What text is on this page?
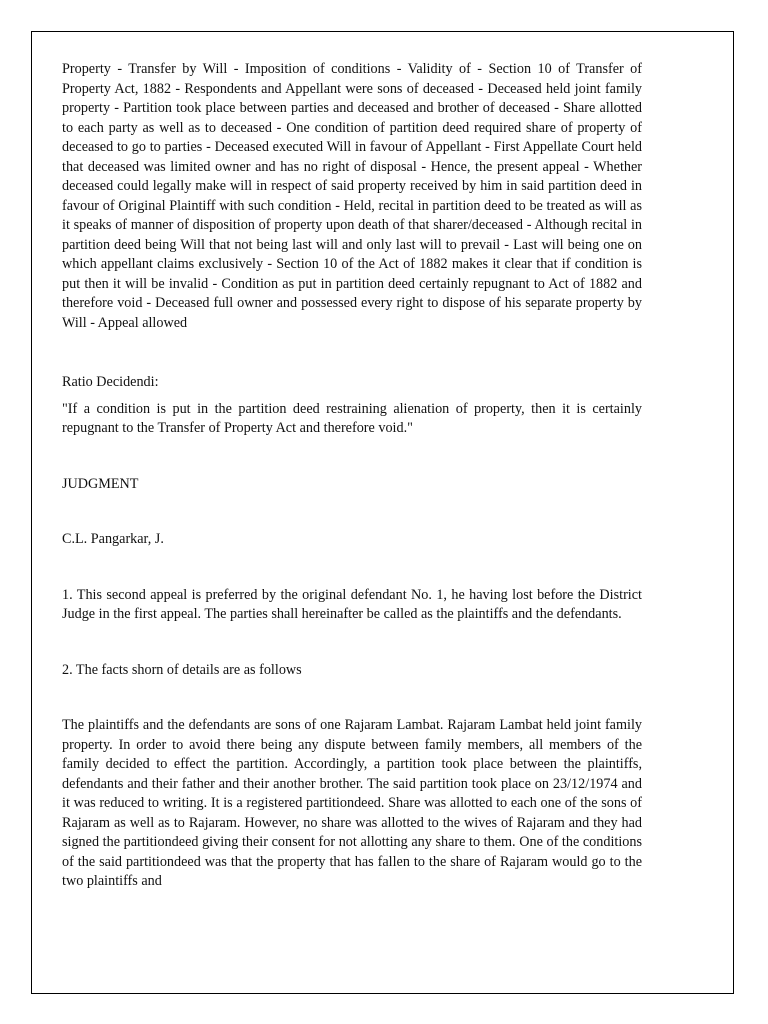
Property - Transfer by Will - Imposition of conditions - Validity of - Section 10 of Transfer of Property Act, 1882 - Respondents and Appellant were sons of deceased - Deceased held joint family property - Partition took place between parties and deceased and brother of deceased - Share allotted to each party as well as to deceased - One condition of partition deed required share of property of deceased to go to parties - Deceased executed Will in favour of Appellant - First Appellate Court held that deceased was limited owner and has no right of disposal - Hence, the present appeal - Whether deceased could legally make will in respect of said property received by him in said partition deed in favour of Original Plaintiff with such condition - Held, recital in partition deed to be treated as will as it speaks of manner of disposition of property upon death of that sharer/deceased - Although recital in partition deed being Will that not being last will and only last will to prevail - Last will being one on which appellant claims exclusively - Section 10 of the Act of 1882 makes it clear that if condition is put then it will be invalid - Condition as put in partition deed certainly repugnant to Act of 1882 and therefore void - Deceased full owner and possessed every right to dispose of his separate property by Will - Appeal allowed

Ratio Decidendi:

"If a condition is put in the partition deed restraining alienation of property, then it is certainly repugnant to the Transfer of Property Act and therefore void."

JUDGMENT

C.L. Pangarkar, J.

1. This second appeal is preferred by the original defendant No. 1, he having lost before the District Judge in the first appeal. The parties shall hereinafter be called as the plaintiffs and the defendants.

2. The facts shorn of details are as follows

The plaintiffs and the defendants are sons of one Rajaram Lambat. Rajaram Lambat held joint family property. In order to avoid there being any dispute between family members, all members of the family decided to effect the partition. Accordingly, a partition took place between the plaintiffs, defendants and their father and their another brother. The said partition took place on 23/12/1974 and it was reduced to writing. It is a registered partitiondeed. Share was allotted to each one of the sons of Rajaram as well as to Rajaram. However, no share was allotted to the wives of Rajaram and they had signed the partitiondeed giving their consent for not allotting any share to them. One of the conditions of the said partitiondeed was that the property that has fallen to the share of Rajaram would go to the two plaintiffs and
